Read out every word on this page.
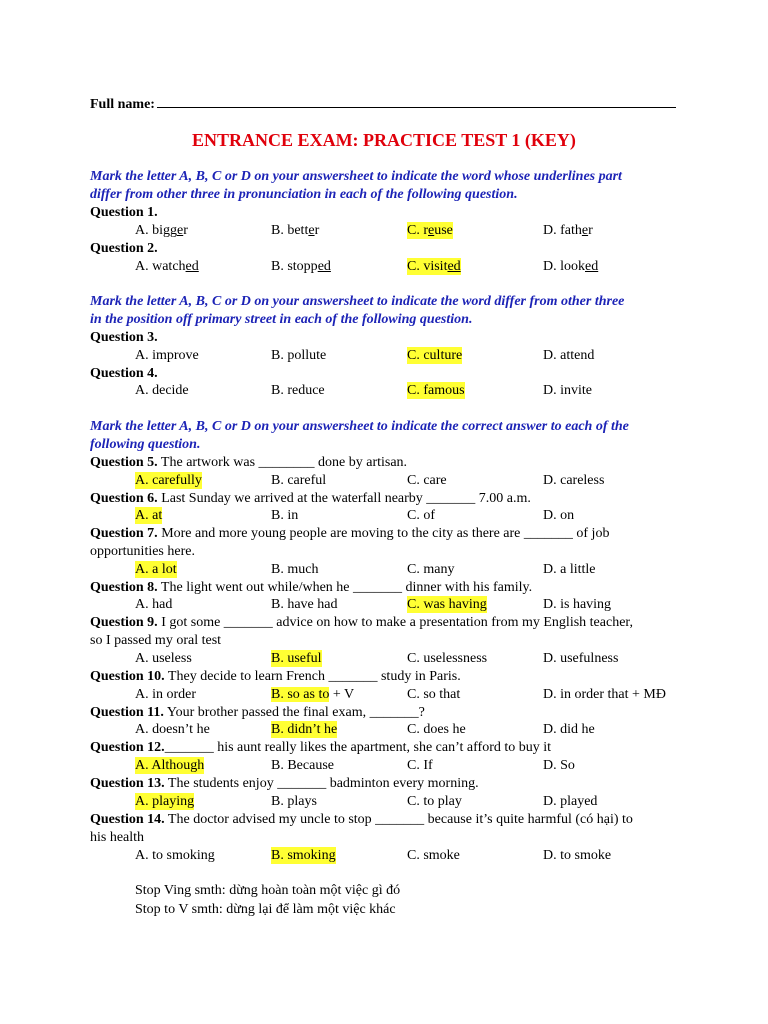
Full name:
ENTRANCE EXAM: PRACTICE TEST 1 (KEY)
Mark the letter A, B, C or D on your answersheet to indicate the word whose underlines part
differ from other three in pronunciation in each of the following question.
Question 1.
A. bigger	B. better	C. reuse	D. father
Question 2.
A. watched	B. stopped	C. visited	D. looked
Mark the letter A, B, C or D on your answersheet to indicate the word differ from other three
in the position off primary street in each of the following question.
Question 3.
A. improve	B. pollute	C. culture	D. attend
Question 4.
A. decide	B. reduce	C. famous	D. invite
Mark the letter A, B, C or D on your answersheet to indicate the correct answer to each of the
following question.
Question 5. The artwork was ________ done by artisan.
A. carefully	B. careful	C. care	D. careless
Question 6. Last Sunday we arrived at the waterfall nearby _______ 7.00 a.m.
A. at	B. in	C. of	D. on
Question 7. More and more young people are moving to the city as there are _______ of job
opportunities here.
A. a lot	B. much	C. many	D. a little
Question 8. The light went out while/when he _______ dinner with his family.
A. had	B. have had	C. was having	D. is having
Question 9. I got some _______ advice on how to make a presentation from my English teacher,
so I passed my oral test
A. useless	B. useful	C. uselessness	D. usefulness
Question 10. They decide to learn French _______ study in Paris.
A. in order	B. so as to + V	C. so that	D. in order that + MĐ
Question 11. Your brother passed the final exam, _______?
A. doesn’t he	B. didn’t he	C. does he	D. did he
Question 12._______ his aunt really likes the apartment, she can’t afford to buy it
A. Although	B. Because	C. If	D. So
Question 13. The students enjoy _______ badminton every morning.
A. playing	B. plays	C. to play	D. played
Question 14. The doctor advised my uncle to stop _______ because it’s quite harmful (có hại) to
his health
A. to smoking	B. smoking	C. smoke	D. to smoke
Stop Ving smth: dừng hoàn toàn một việc gì đó
Stop to V smth: dừng lại để làm một việc khác
